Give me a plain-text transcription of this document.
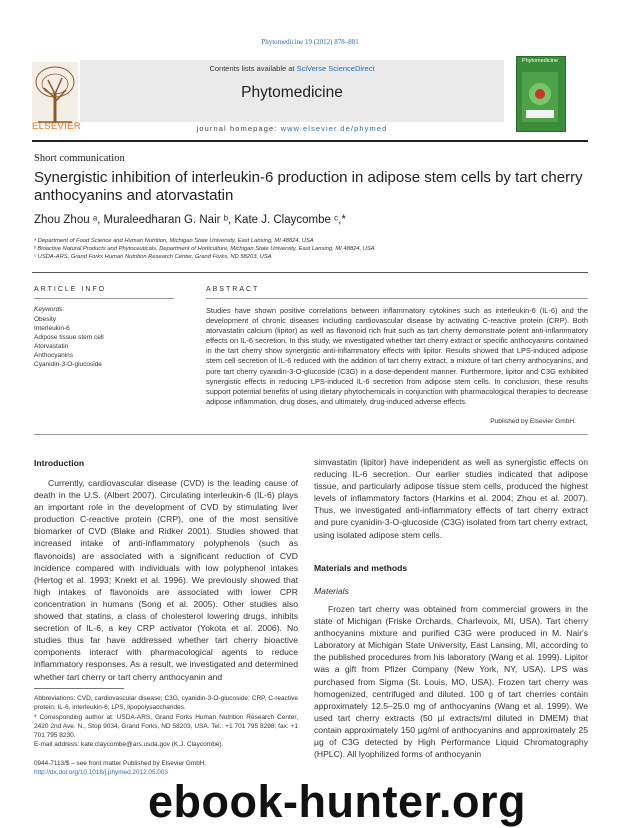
Phytomedicine 19 (2012) 878–881
Contents lists available at SciVerse ScienceDirect
Phytomedicine
ELSEVIER
Phytomedicine
journal homepage: www.elsevier.de/phymed
Short communication
Synergistic inhibition of interleukin-6 production in adipose stem cells by tart cherry anthocyanins and atorvastatin
Zhou Zhou ᵃ, Muraleedharan G. Nair ᵇ, Kate J. Claycombe ᶜ,*
ᵃ Department of Food Science and Human Nutrition, Michigan State University, East Lansing, MI 48824, USA
ᵇ Bioactive Natural Products and Phytoceuticals, Department of Horticulture, Michigan State University, East Lansing, MI 48824, USA
ᶜ USDA-ARS, Grand Forks Human Nutrition Research Center, Grand Forks, ND 58203, USA
ARTICLE INFO	ABSTRACT
Keywords:
Obesity
Interleukin-6
Adipose tissue stem cell
Atorvastatin
Anthocyanins
Cyanidin-3-O-glucoside
Studies have shown positive correlations between inflammatory cytokines such as interleukin-6 (IL-6) and the development of chronic diseases including cardiovascular disease by activating C-reactive protein (CRP). Both atorvastatin calcium (lipitor) as well as flavonoid rich fruit such as tart cherry demonstrate potent anti-inflammatory effects on IL-6 secretion. In this study, we investigated whether tart cherry extract or specific anthocyanins contained in the tart cherry show synergistic anti-inflammatory effects with lipitor. Results showed that LPS-induced adipose stem cell secretion of IL-6 reduced with the addition of tart cherry extract, a mixture of tart cherry anthocyanins, and pure tart cherry cyanidin-3-O-glucoside (C3G) in a dose-dependent manner. Furthermore, lipitor and C3G exhibited synergistic effects in reducing LPS-induced IL-6 secretion from adipose stem cells. In conclusion, these results support potential benefits of using dietary phytochemicals in conjunction with pharmacological therapies to decrease adipose inflammation, drug doses, and ultimately, drug-induced adverse effects.
Published by Elsevier GmbH.
Introduction
Currently, cardiovascular disease (CVD) is the leading cause of death in the U.S. (Albert 2007). Circulating interleukin-6 (IL-6) plays an important role in the development of CVD by stimulating liver production C-reactive protein (CRP), one of the most sensitive biomarker of CVD (Blake and Ridker 2001). Studies showed that increased intake of anti-inflammatory polyphenols (such as flavonoids) are associated with a significant reduction of CVD incidence compared with individuals with low polyphenol intakes (Hertog et al. 1993; Knekt et al. 1996). We previously showed that high intakes of flavonoids are associated with lower CPR concentration in humans (Song et al. 2005). Other studies also showed that statins, a class of cholesterol lowering drugs, inhibits secretion of IL-6, a key CRP activator (Yokota et al. 2006). No studies thus far have addressed whether tart cherry bioactive components interact with pharmacological agents to reduce inflammatory responses. As a result, we investigated and determined whether tart cherry or tart cherry anthocyanin and
simvastatin (lipitor) have independent as well as synergistic effects on reducing IL-6 secretion. Our earlier studies indicated that adipose tissue, and particularly adipose tissue stem cells, produced the highest levels of inflammatory factors (Harkins et al. 2004; Zhou et al. 2007). Thus, we investigated anti-inflammatory effects of tart cherry extract and pure cyanidin-3-O-glucoside (C3G) isolated from tart cherry extract, using isolated adipose stem cells.
Materials and methods
Materials
Frozen tart cherry was obtained from commercial growers in the state of Michigan (Friske Orchards, Charlevoix, MI, USA). Tart cherry anthocyanins mixture and purified C3G were produced in M. Nair's Laboratory at Michigan State University, East Lansing, MI, according to the published procedures from his laboratory (Wang et al. 1999). Lipitor was a gift from Pfizer Company (New York, NY, USA). LPS was purchased from Sigma (St. Louis, MO, USA). Frozen tart cherry was homogenized, centrifuged and diluted. 100 g of tart cherries contain approximately 12.5–25.0 mg of anthocyanins (Wang et al. 1999). We used tart cherry extracts (50 µl extracts/ml diluted in DMEM) that contain approximately 150 µg/ml of anthocyanins and approximately 25 µg of C3G detected by High Performance Liquid Chromatography (HPLC). All lyophilized forms of anthocyanin
Abbreviations: CVD, cardiovascular disease; C3G, cyanidin-3-O-glucoside; CRP, C-reactive protein; IL-6, interleukin-6; LPS, lipopolysaccharides.
* Corresponding author at: USDA-ARS, Grand Forks Human Nutrition Research Center, 2420 2nd Ave. N., Stop 9034, Grand Forks, ND 58203, USA. Tel.: +1 701 795 8298; fax: +1 701 795 8230.
E-mail address: kate.claycombe@ars.usda.gov (K.J. Claycombe).
0944-7113/$ – see front matter Published by Elsevier GmbH.
http://dx.doi.org/10.1016/j.phymed.2012.05.003
ebook-hunter.org
